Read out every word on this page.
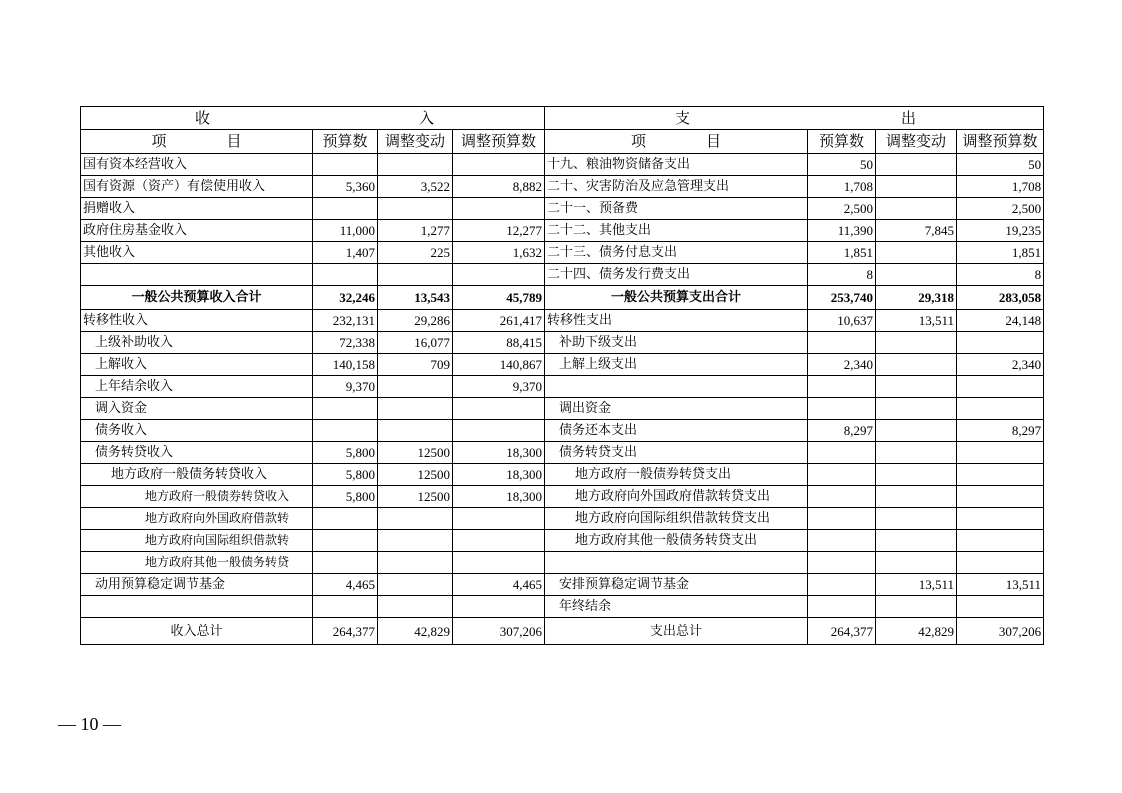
收 入				支 出			

项　　　　目	预算数	调整变动	调整预算数	项　　　　目	预算数	调整变动	调整预算数
国有资本经营收入				十九、粮油物资储备支出	50		50
国有资源（资产）有偿使用收入	5,360	3,522	8,882	二十、灾害防治及应急管理支出	1,708		1,708
捐赠收入				二十一、预备费	2,500		2,500
政府住房基金收入	11,000	1,277	12,277	二十二、其他支出	11,390	7,845	19,235
其他收入	1,407	225	1,632	二十三、债务付息支出	1,851		1,851
				二十四、债务发行费支出	8		8
一般公共预算收入合计	32,246	13,543	45,789	一般公共预算支出合计	253,740	29,318	283,058
转移性收入	232,131	29,286	261,417	转移性支出	10,637	13,511	24,148
上级补助收入	72,338	16,077	88,415	补助下级支出			
上解收入	140,158	709	140,867	上解上级支出	2,340		2,340
上年结余收入	9,370		9,370				
调入资金				调出资金			
债务收入				债务还本支出	8,297		8,297
债务转贷收入	5,800	12500	18,300	债务转贷支出			
地方政府一般债务转贷收入	5,800	12500	18,300	地方政府一般债券转贷支出			
地方政府一般债券转贷收入	5,800	12500	18,300	地方政府向外国政府借款转贷支出			
地方政府向外国政府借款转				地方政府向国际组织借款转贷支出			
地方政府向国际组织借款转				地方政府其他一般债务转贷支出			
地方政府其他一般债务转贷							
动用预算稳定调节基金	4,465		4,465	安排预算稳定调节基金		13,511	13,511
				年终结余			
收入总计	264,377	42,829	307,206	支出总计	264,377	42,829	307,206
— 10 —
